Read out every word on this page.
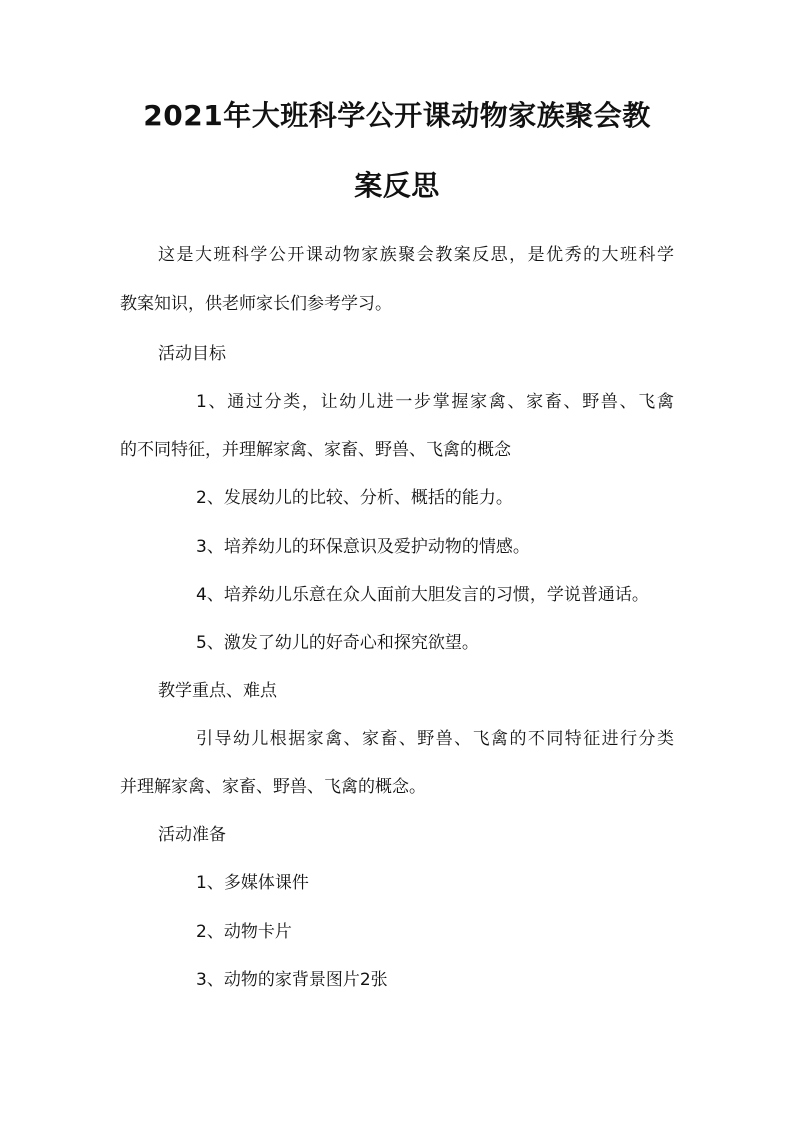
2021年大班科学公开课动物家族聚会教
案反思
这是大班科学公开课动物家族聚会教案反思，是优秀的大班科学
教案知识，供老师家长们参考学习。
活动目标
1、通过分类，让幼儿进一步掌握家禽、家畜、野兽、飞禽
的不同特征，并理解家禽、家畜、野兽、飞禽的概念
2、发展幼儿的比较、分析、概括的能力。
3、培养幼儿的环保意识及爱护动物的情感。
4、培养幼儿乐意在众人面前大胆发言的习惯，学说普通话。
5、激发了幼儿的好奇心和探究欲望。
教学重点、难点
引导幼儿根据家禽、家畜、野兽、飞禽的不同特征进行分类
并理解家禽、家畜、野兽、飞禽的概念。
活动准备
1、多媒体课件
2、动物卡片
3、动物的家背景图片2张
